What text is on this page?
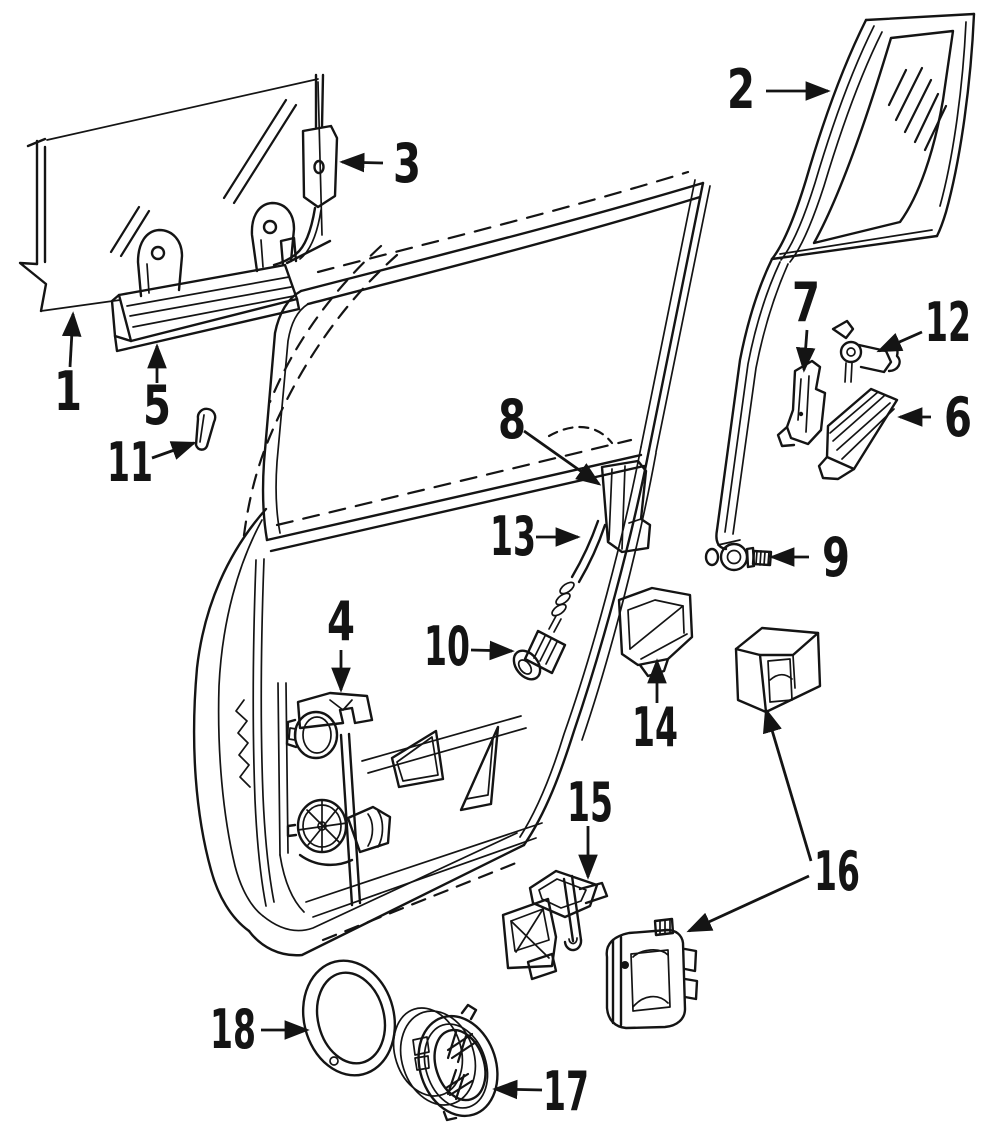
1
2
3
4
5	6
7
8
9
10
11
12
13
14
15
16
17
18
